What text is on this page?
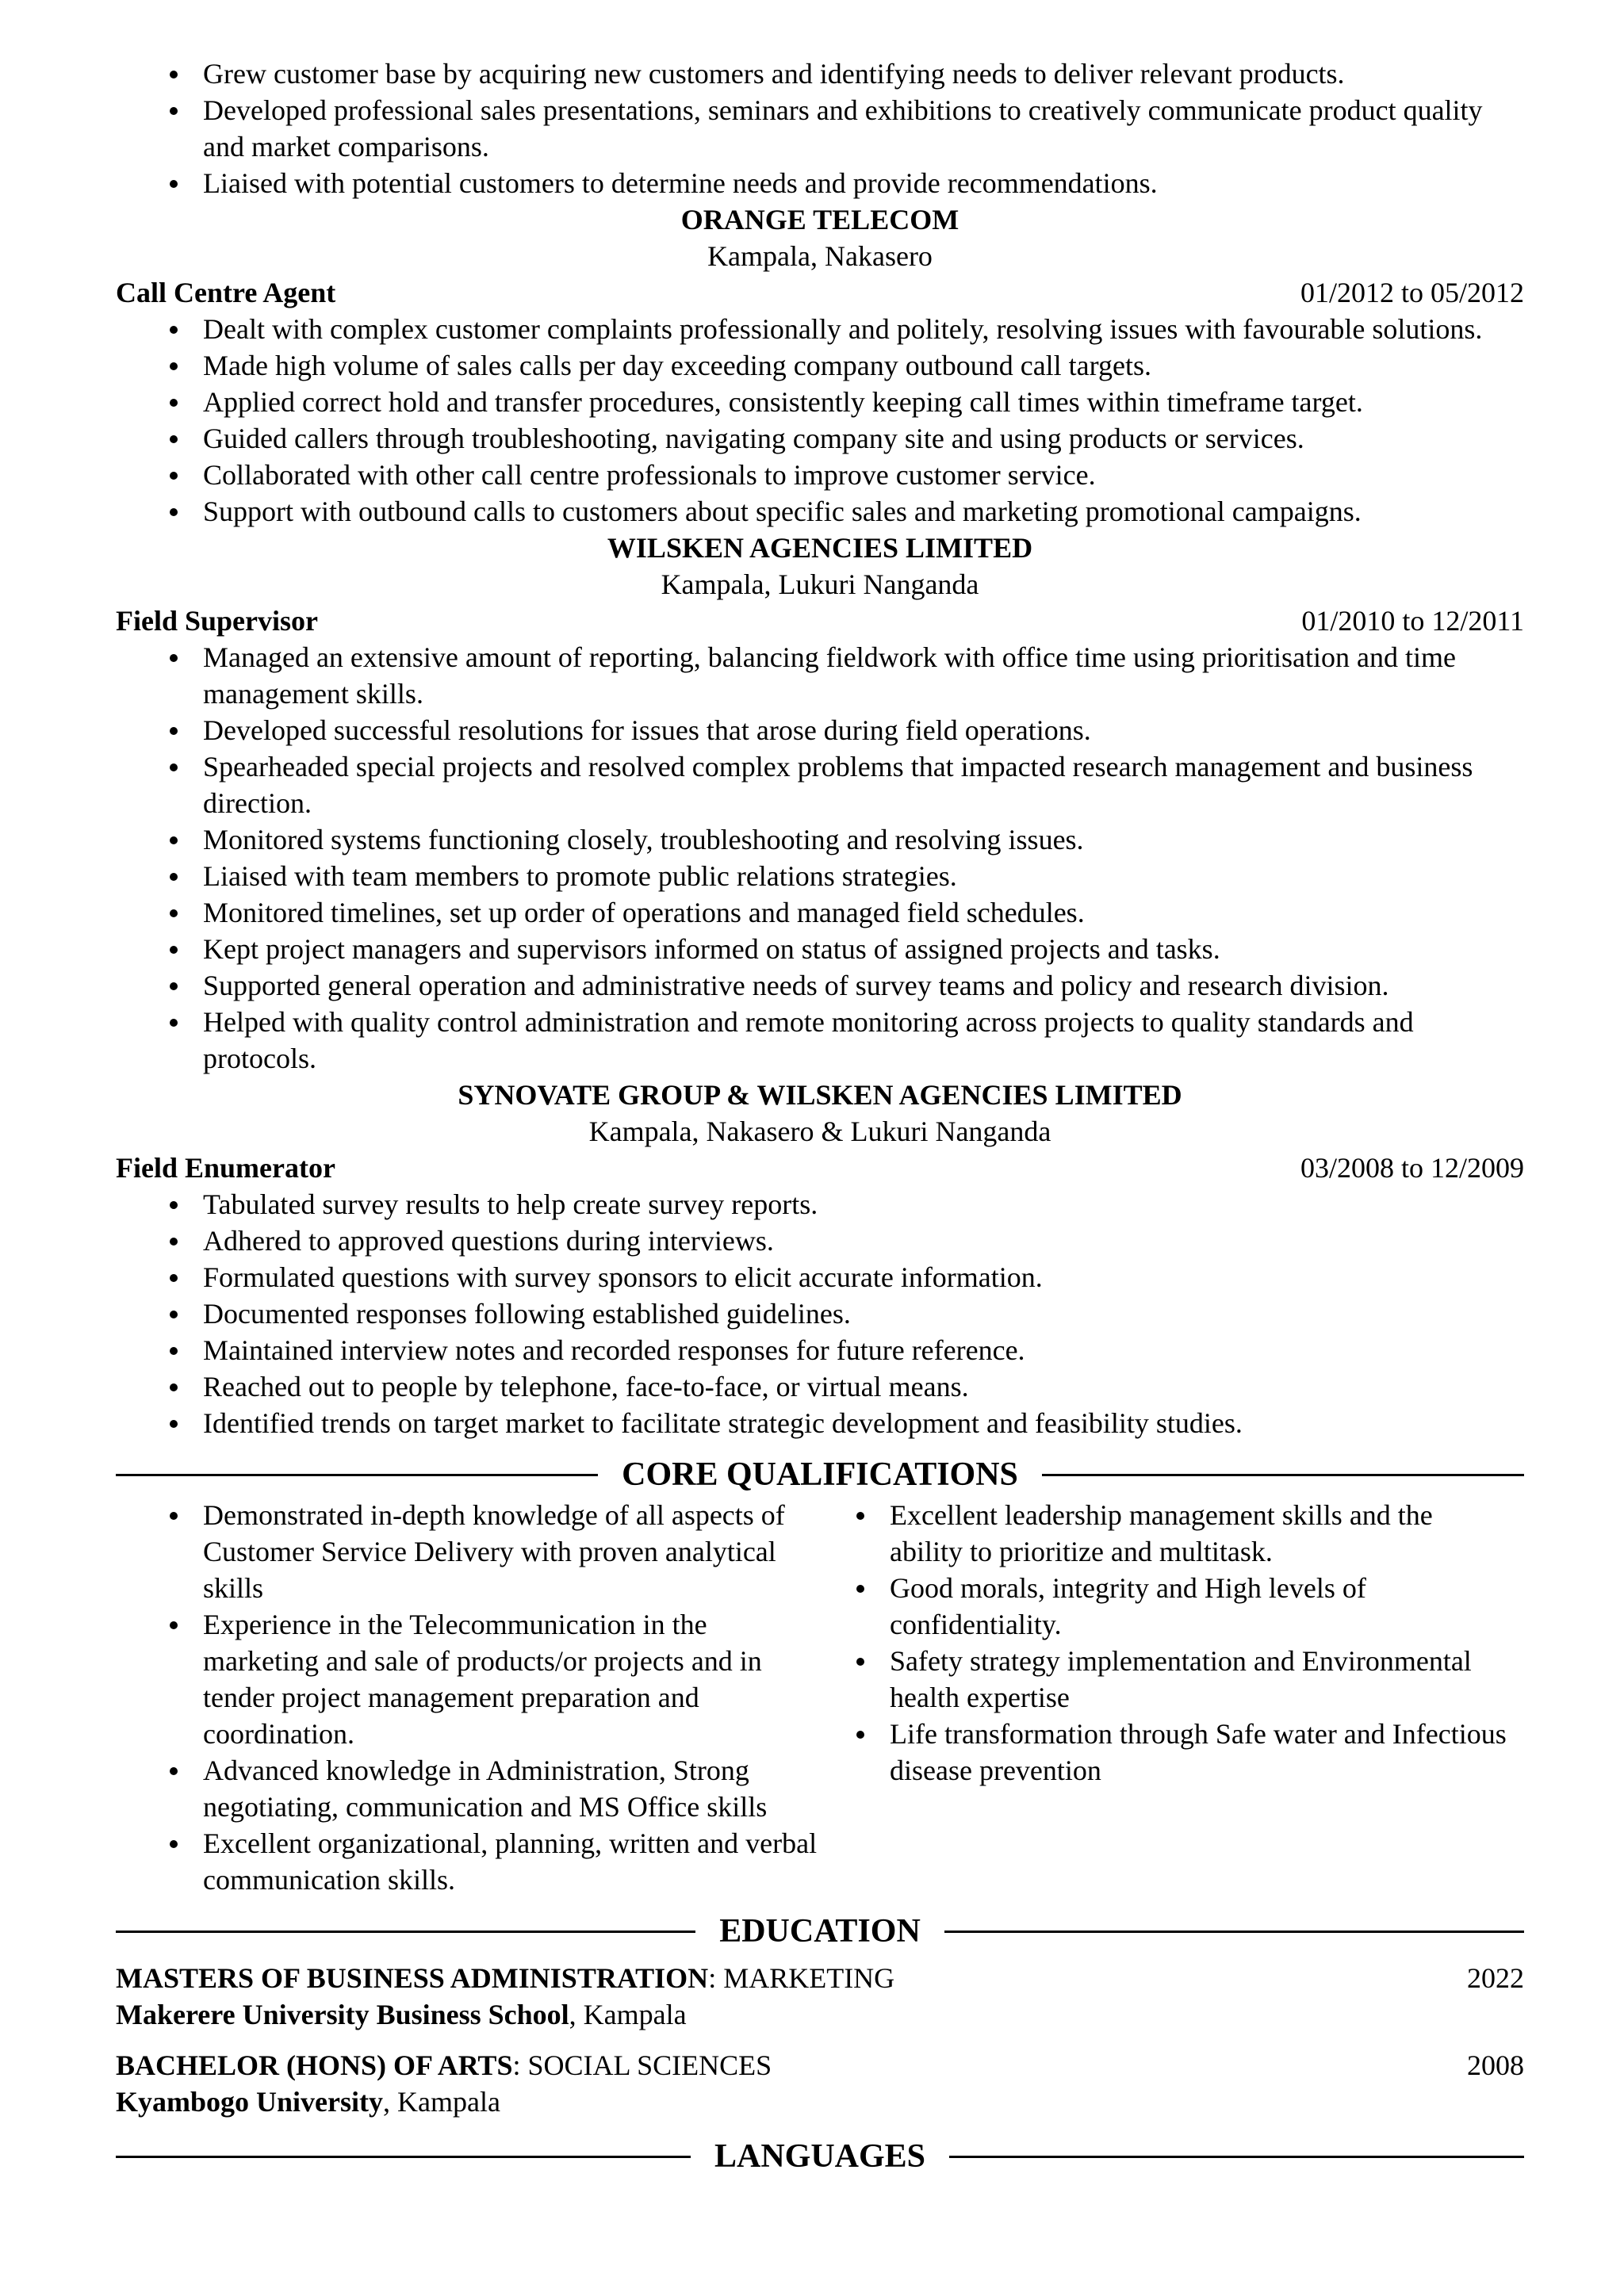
Grew customer base by acquiring new customers and identifying needs to deliver relevant products.
Developed professional sales presentations, seminars and exhibitions to creatively communicate product quality and market comparisons.
Liaised with potential customers to determine needs and provide recommendations.
ORANGE TELECOM
Kampala, Nakasero
Call Centre Agent	01/2012 to 05/2012
Dealt with complex customer complaints professionally and politely, resolving issues with favourable solutions.
Made high volume of sales calls per day exceeding company outbound call targets.
Applied correct hold and transfer procedures, consistently keeping call times within timeframe target.
Guided callers through troubleshooting, navigating company site and using products or services.
Collaborated with other call centre professionals to improve customer service.
Support with outbound calls to customers about specific sales and marketing promotional campaigns.
WILSKEN AGENCIES LIMITED
Kampala, Lukuri Nanganda
Field Supervisor	01/2010 to 12/2011
Managed an extensive amount of reporting, balancing fieldwork with office time using prioritisation and time management skills.
Developed successful resolutions for issues that arose during field operations.
Spearheaded special projects and resolved complex problems that impacted research management and business direction.
Monitored systems functioning closely, troubleshooting and resolving issues.
Liaised with team members to promote public relations strategies.
Monitored timelines, set up order of operations and managed field schedules.
Kept project managers and supervisors informed on status of assigned projects and tasks.
Supported general operation and administrative needs of survey teams and policy and research division.
Helped with quality control administration and remote monitoring across projects to quality standards and protocols.
SYNOVATE GROUP & WILSKEN AGENCIES LIMITED
Kampala, Nakasero & Lukuri Nanganda
Field Enumerator	03/2008 to 12/2009
Tabulated survey results to help create survey reports.
Adhered to approved questions during interviews.
Formulated questions with survey sponsors to elicit accurate information.
Documented responses following established guidelines.
Maintained interview notes and recorded responses for future reference.
Reached out to people by telephone, face-to-face, or virtual means.
Identified trends on target market to facilitate strategic development and feasibility studies.
CORE QUALIFICATIONS
Demonstrated in-depth knowledge of all aspects of Customer Service Delivery with proven analytical skills
Experience in the Telecommunication in the marketing and sale of products/or projects and in tender project management preparation and coordination.
Advanced knowledge in Administration, Strong negotiating, communication and MS Office skills
Excellent organizational, planning, written and verbal communication skills.
Excellent leadership management skills and the ability to prioritize and multitask.
Good morals, integrity and High levels of confidentiality.
Safety strategy implementation and Environmental health expertise
Life transformation through Safe water and Infectious disease prevention
EDUCATION
MASTERS OF BUSINESS ADMINISTRATION: MARKETING	2022
Makerere University Business School, Kampala
BACHELOR (HONS) OF ARTS: SOCIAL SCIENCES	2008
Kyambogo University, Kampala
LANGUAGES
